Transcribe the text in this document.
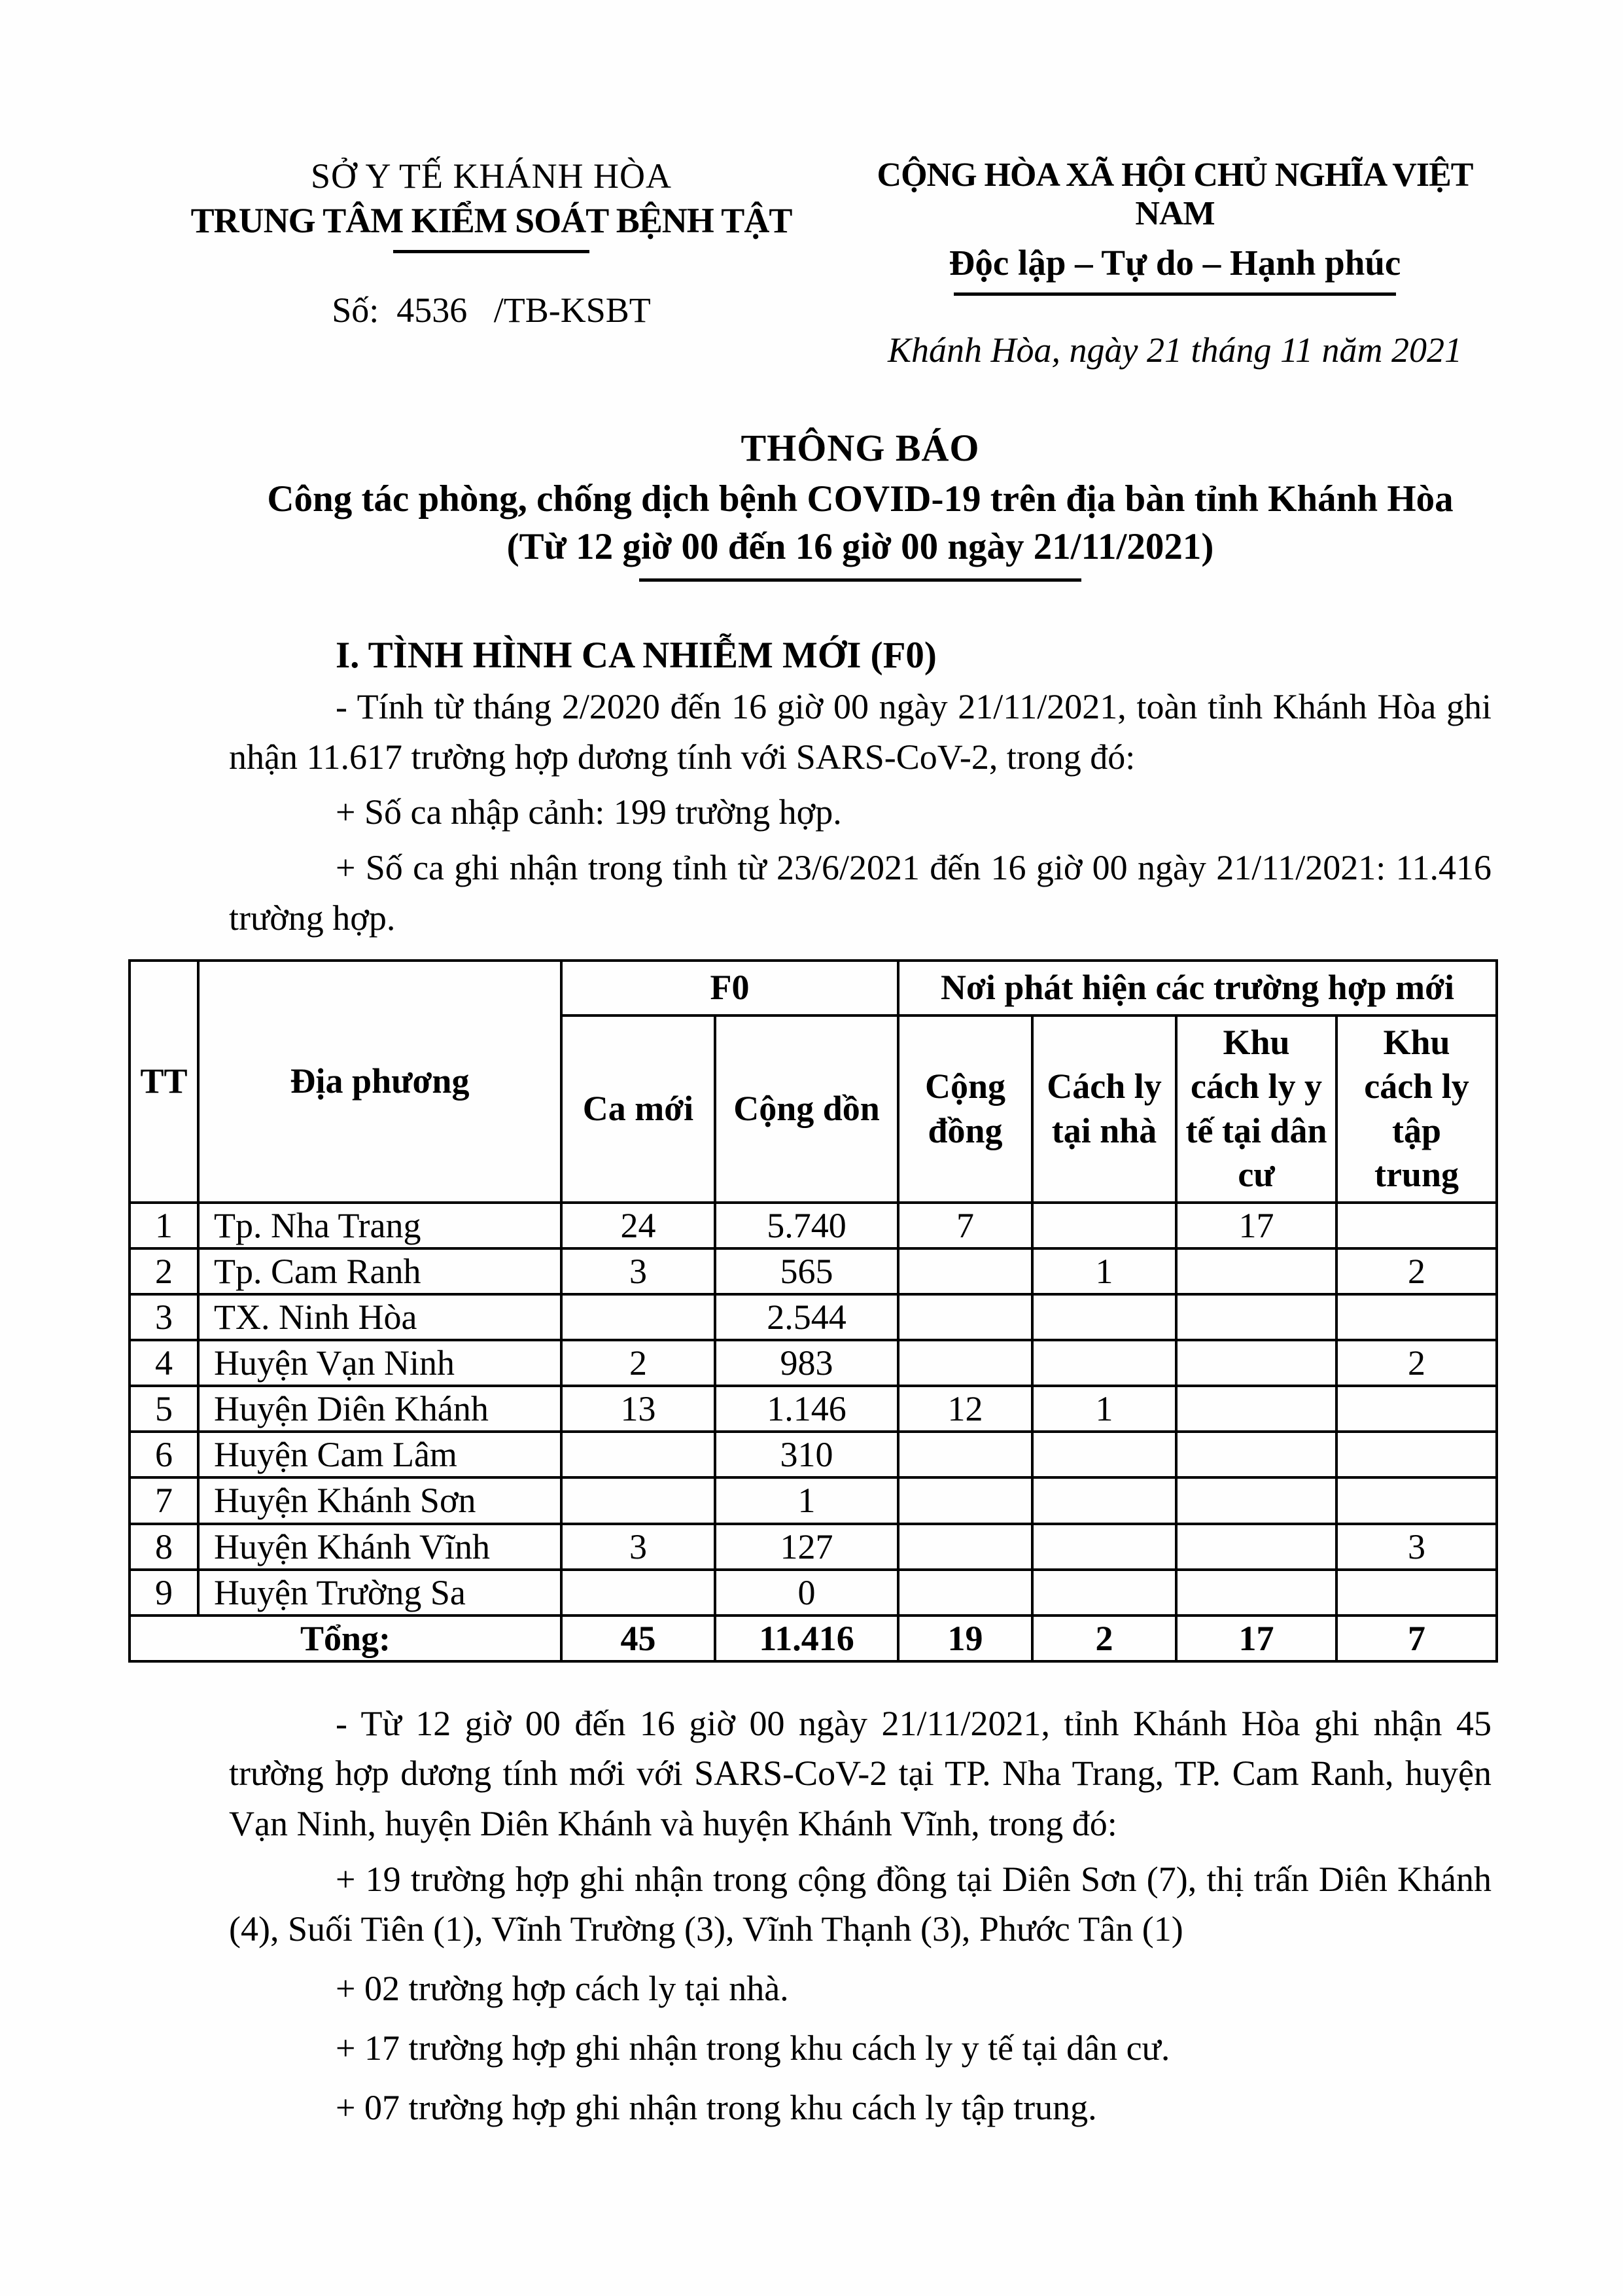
SỞ Y TẾ KHÁNH HÒA
TRUNG TÂM KIỂM SOÁT BỆNH TẬT
Số:  4536   /TB-KSBT
CỘNG HÒA XÃ HỘI CHỦ NGHĨA VIỆT NAM
Độc lập – Tự do – Hạnh phúc
Khánh Hòa, ngày 21 tháng 11 năm 2021
THÔNG BÁO
Công tác phòng, chống dịch bệnh COVID-19 trên địa bàn tỉnh Khánh Hòa
(Từ 12 giờ 00 đến 16 giờ 00 ngày 21/11/2021)
I. TÌNH HÌNH CA NHIỄM MỚI (F0)

- Tính từ tháng 2/2020 đến 16 giờ 00 ngày 21/11/2021, toàn tỉnh Khánh Hòa ghi nhận 11.617 trường hợp dương tính với SARS-CoV-2, trong đó:

+ Số ca nhập cảnh: 199 trường hợp.

+ Số ca ghi nhận trong tỉnh từ 23/6/2021 đến 16 giờ 00 ngày 21/11/2021: 11.416 trường hợp.

TT	Địa phương	F0		Nơi phát hiện các trường hợp mới			
		Ca mới	Cộng dồn	Cộng đồng	Cách ly tại nhà	Khu cách ly y tế tại dân cư	Khu cách ly tập trung
1	Tp. Nha Trang	24	5.740	7		17	
2	Tp. Cam Ranh	3	565		1		2
3	TX. Ninh Hòa		2.544				
4	Huyện Vạn Ninh	2	983				2
5	Huyện Diên Khánh	13	1.146	12	1		
6	Huyện Cam Lâm		310				
7	Huyện Khánh Sơn		1				
8	Huyện Khánh Vĩnh	3	127				3
9	Huyện Trường Sa		0				
Tổng:		45	11.416	19	2	17	7

- Từ 12 giờ 00 đến 16 giờ 00 ngày 21/11/2021, tỉnh Khánh Hòa ghi nhận 45 trường hợp dương tính mới với SARS-CoV-2 tại TP. Nha Trang, TP. Cam Ranh, huyện Vạn Ninh, huyện Diên Khánh và huyện Khánh Vĩnh, trong đó:

+ 19 trường hợp ghi nhận trong cộng đồng tại Diên Sơn (7), thị trấn Diên Khánh (4), Suối Tiên (1), Vĩnh Trường (3), Vĩnh Thạnh (3), Phước Tân (1)

+ 02 trường hợp cách ly tại nhà.

+ 17 trường hợp ghi nhận trong khu cách ly y tế tại dân cư.

+ 07 trường hợp ghi nhận trong khu cách ly tập trung.
